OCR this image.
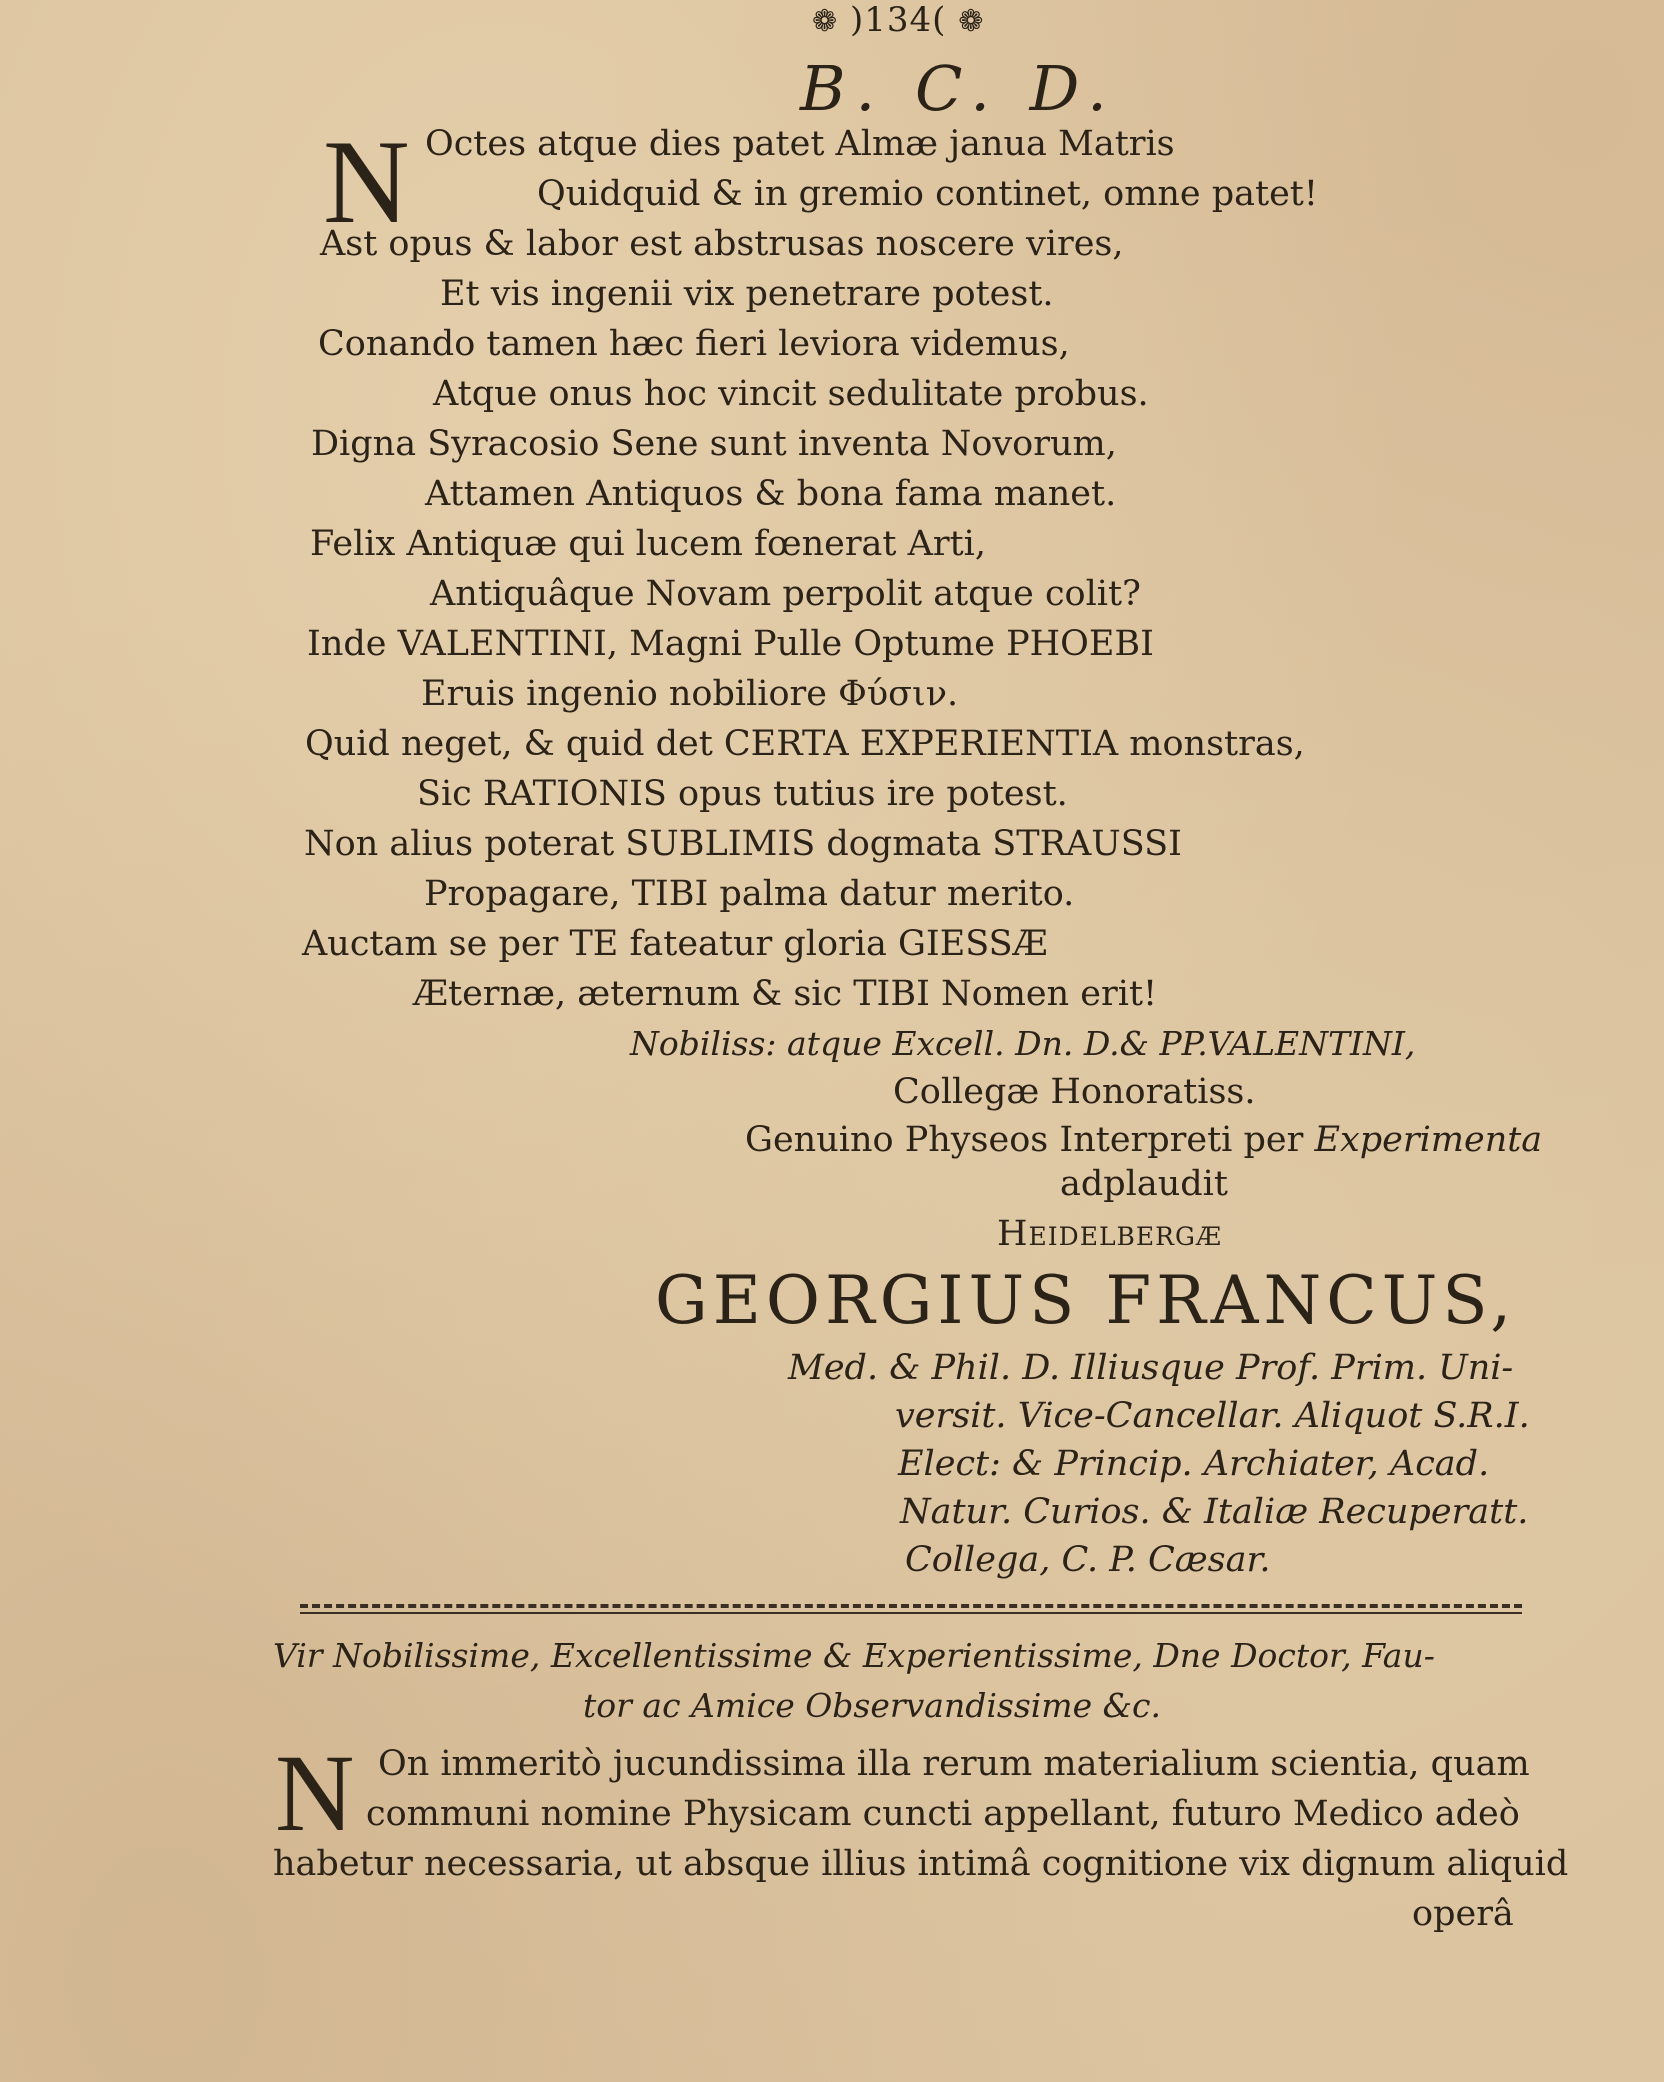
❁ )134( ❁
B. C. D.
N Octes atque dies patet Almæ janua Matris
Quidquid & in gremio continet, omne patet!
Ast opus & labor est abstrusas noscere vires,
Et vis ingenii vix penetrare potest.
Conando tamen hæc fieri leviora videmus,
Atque onus hoc vincit sedulitate probus.
Digna Syracosio Sene sunt inventa Novorum,
Attamen Antiquos & bona fama manet.
Felix Antiquæ qui lucem fœnerat Arti,
Antiquâque Novam perpolit atque colit?
Inde VALENTINI, Magni Pulle Optume PHOEBI
Eruis ingenio nobiliore Φύσιν.
Quid neget, & quid det CERTA EXPERIENTIA monstras,
Sic RATIONIS opus tutius ire potest.
Non alius poterat SUBLIMIS dogmata STRAUSSI
Propagare, TIBI palma datur merito.
Auctam se per TE fateatur gloria GIESSÆ
Æternæ, æternum & sic TIBI Nomen erit!
Nobiliss: atque Excell. Dn. D.& PP.VALENTINI,
Collegæ Honoratiss.
Genuino Physeos Interpreti per Experimenta
adplaudit
Heidelbergæ
GEORGIUS FRANCUS,
Med. & Phil. D. Illiusque Prof. Prim. Uni-
versit. Vice-Cancellar. Aliquot S.R.I.
Elect: & Princip. Archiater, Acad.
Natur. Curios. & Italiæ Recuperatt.
Collega, C. P. Cæsar.
Vir Nobilissime, Excellentissime & Experientissime, Dne Doctor, Fau-
tor ac Amice Observandissime &c.
N On immeritò jucundissima illa rerum materialium scientia, quam
communi nomine Physicam cuncti appellant, futuro Medico adeò
habetur necessaria, ut absque illius intimâ cognitione vix dignum aliquid
operâ
